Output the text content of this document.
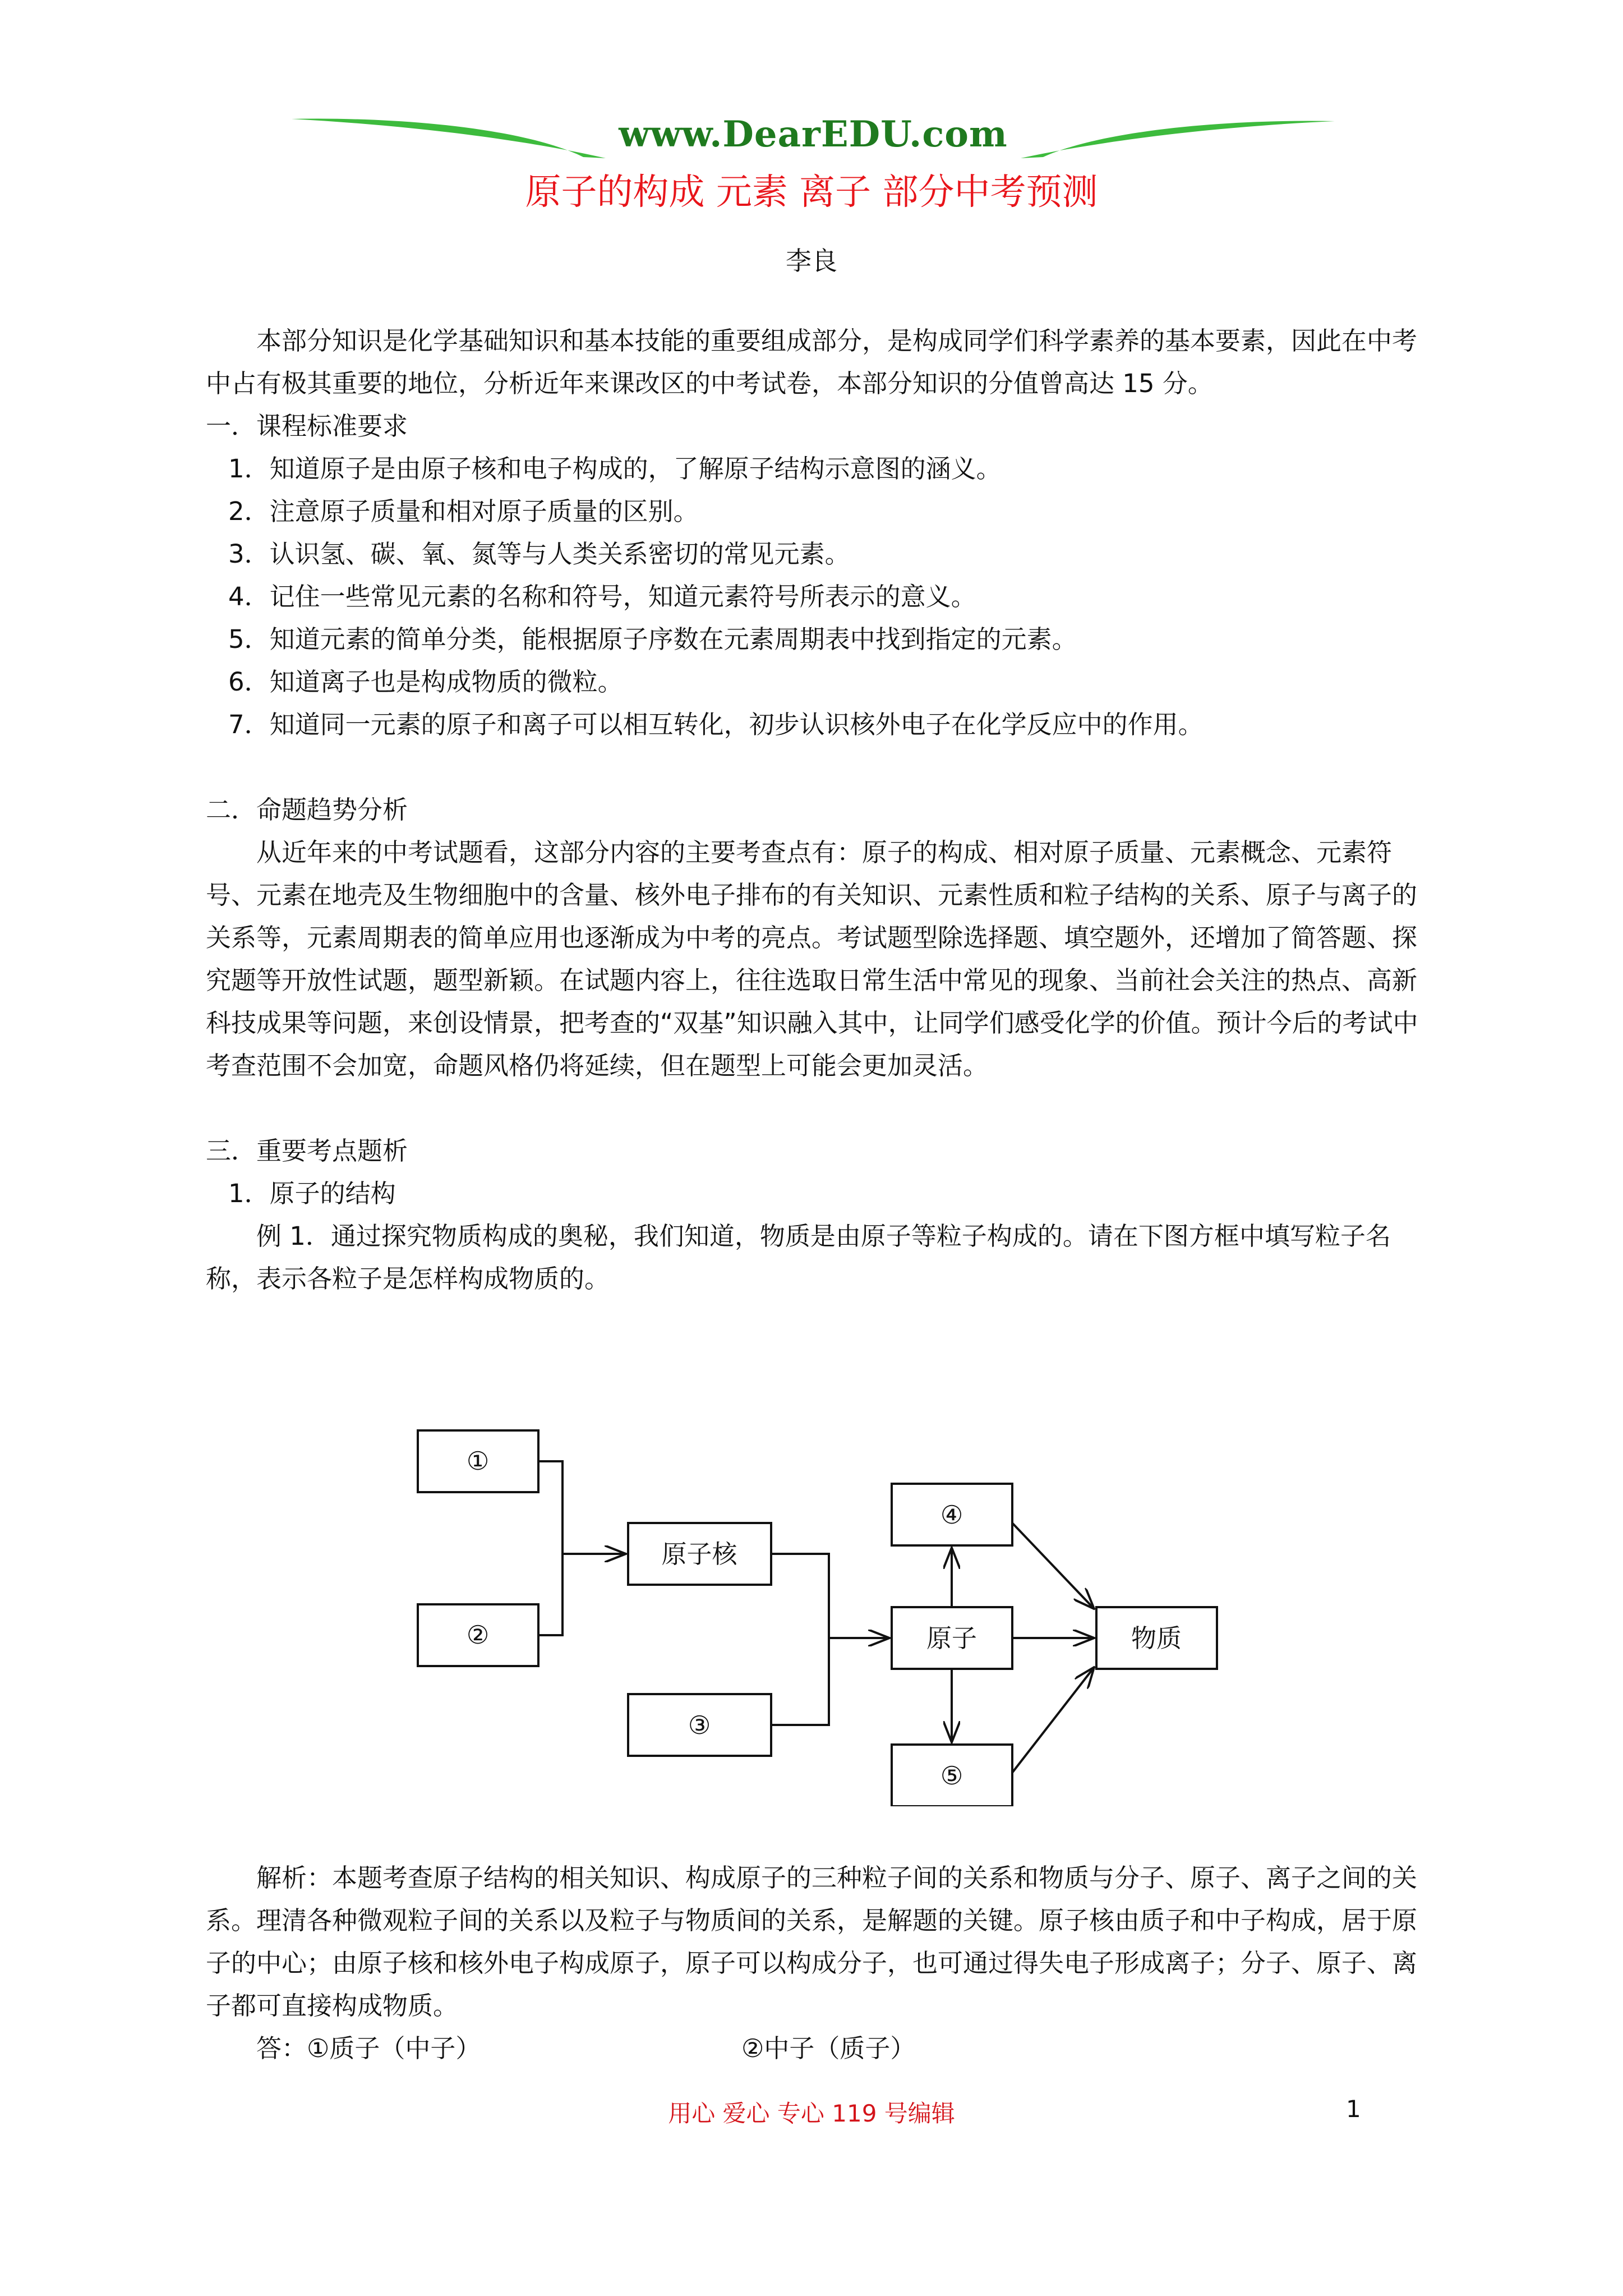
www.DearEDU.com
原子的构成 元素 离子 部分中考预测
李良

本部分知识是化学基础知识和基本技能的重要组成部分，是构成同学们科学素养的基本要素，因此在中考中占有极其重要的地位，分析近年来课改区的中考试卷，本部分知识的分值曾高达 15 分。

一．课程标准要求

1．知道原子是由原子核和电子构成的，了解原子结构示意图的涵义。

2．注意原子质量和相对原子质量的区别。

3．认识氢、碳、氧、氮等与人类关系密切的常见元素。

4．记住一些常见元素的名称和符号，知道元素符号所表示的意义。

5．知道元素的简单分类，能根据原子序数在元素周期表中找到指定的元素。

6．知道离子也是构成物质的微粒。

7．知道同一元素的原子和离子可以相互转化，初步认识核外电子在化学反应中的作用。

二．命题趋势分析

从近年来的中考试题看，这部分内容的主要考查点有：原子的构成、相对原子质量、元素概念、元素符号、元素在地壳及生物细胞中的含量、核外电子排布的有关知识、元素性质和粒子结构的关系、原子与离子的关系等，元素周期表的简单应用也逐渐成为中考的亮点。考试题型除选择题、填空题外，还增加了简答题、探究题等开放性试题，题型新颖。在试题内容上，往往选取日常生活中常见的现象、当前社会关注的热点、高新科技成果等问题，来创设情景，把考查的“双基”知识融入其中，让同学们感受化学的价值。预计今后的考试中考查范围不会加宽，命题风格仍将延续，但在题型上可能会更加灵活。

三．重要考点题析

1．原子的结构

例 1．通过探究物质构成的奥秘，我们知道，物质是由原子等粒子构成的。请在下图方框中填写粒子名称，表示各粒子是怎样构成物质的。

①
②
原子核
③
④
原子
⑤
物质

解析：本题考查原子结构的相关知识、构成原子的三种粒子间的关系和物质与分子、原子、离子之间的关系。理清各种微观粒子间的关系以及粒子与物质间的关系，是解题的关键。原子核由质子和中子构成，居于原子的中心；由原子核和核外电子构成原子，原子可以构成分子，也可通过得失电子形成离子；分子、原子、离子都可直接构成物质。

答：①质子（中子）	②中子（质子）
用心 爱心 专心 119 号编辑	1
